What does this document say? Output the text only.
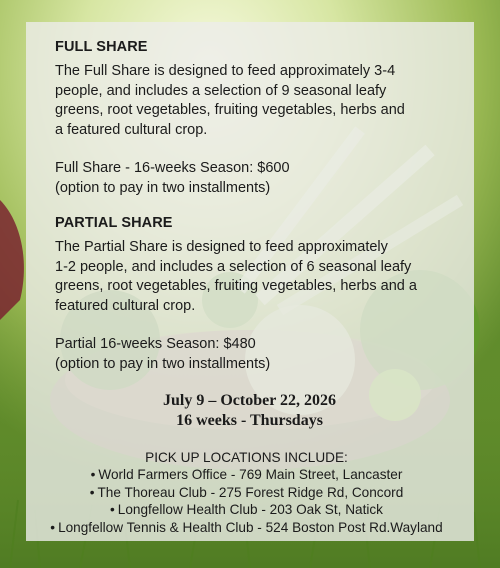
FULL SHARE

The Full Share is designed to feed approximately 3-4
people, and includes a selection of 9 seasonal leafy
greens, root vegetables, fruiting vegetables, herbs and
a featured cultural crop.

Full Share - 16-weeks Season: $600

(option to pay in two installments)

PARTIAL SHARE

The Partial Share is designed to feed approximately
1-2 people, and includes a selection of 6 seasonal leafy
greens, root vegetables, fruiting vegetables, herbs and a
featured cultural crop.

Partial 16-weeks Season: $480

(option to pay in two installments)

July 9 – October 22, 2026

16 weeks - Thursdays

PICK UP LOCATIONS INCLUDE:
• World Farmers Office - 769 Main Street, Lancaster
• The Thoreau Club - 275 Forest Ridge Rd, Concord
• Longfellow Health Club - 203 Oak St, Natick
• Longfellow Tennis & Health Club - 524 Boston Post Rd.Wayland
